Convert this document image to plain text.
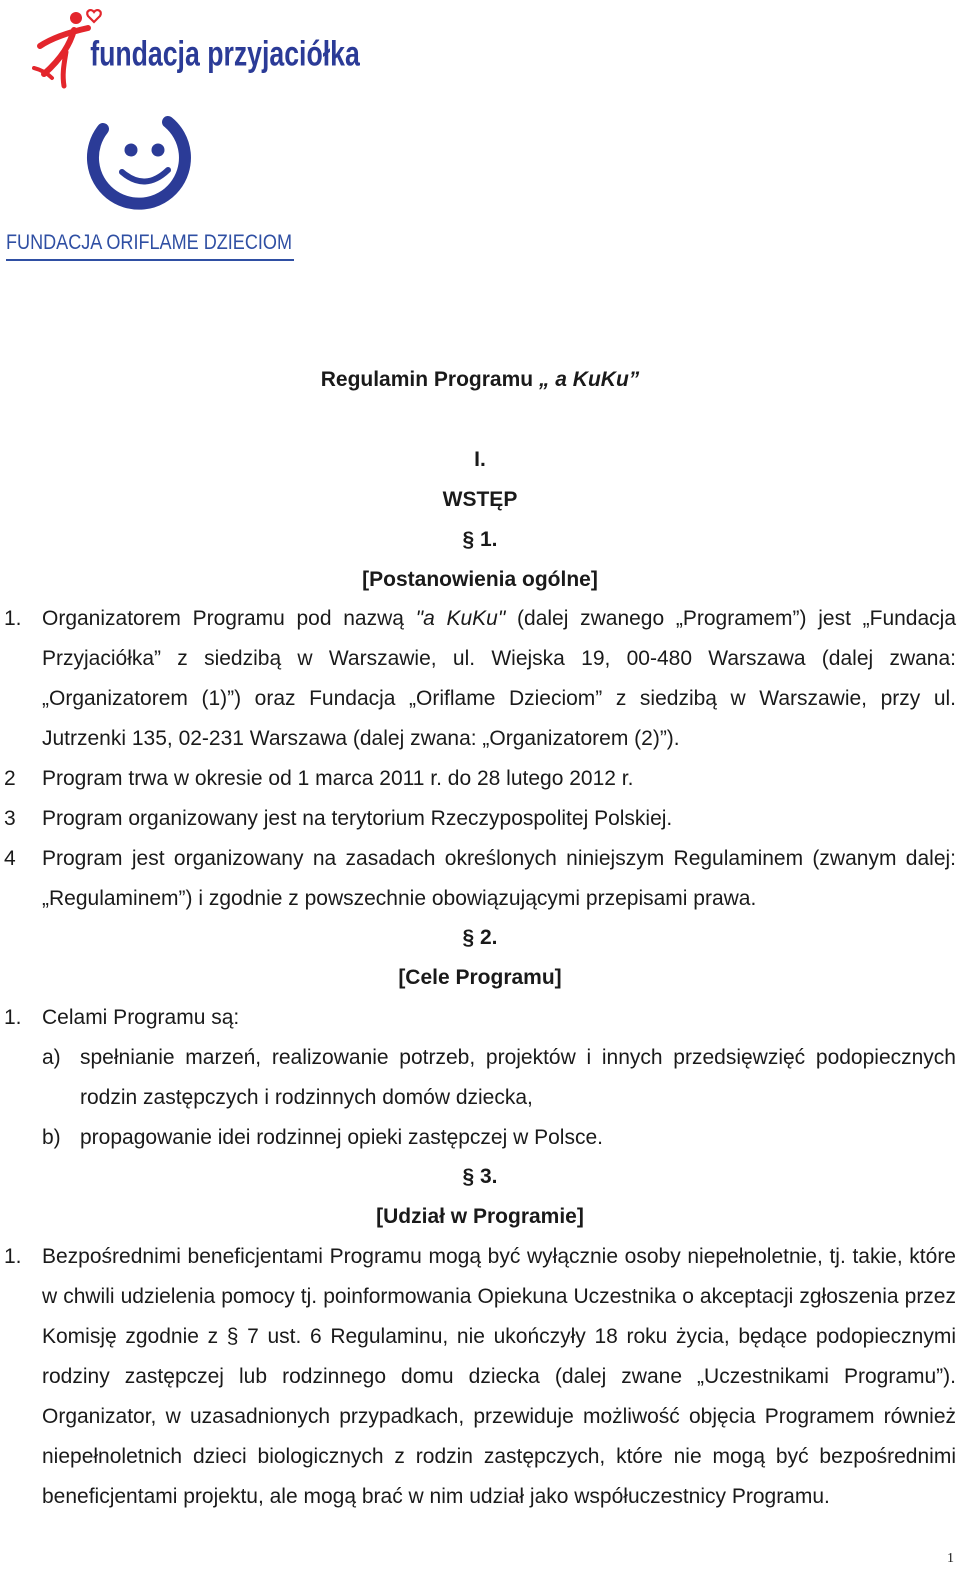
fundacja przyjaciółka
FUNDACJA ORIFLAME DZIECIOM
Regulamin Programu „ a KuKu”
I.
WSTĘP
§ 1.
[Postanowienia ogólne]
1. Organizatorem Programu pod nazwą "a KuKu" (dalej zwanego „Programem”) jest „Fundacja Przyjaciółka” z siedzibą w Warszawie, ul. Wiejska 19, 00-480 Warszawa (dalej zwana: „Organizatorem (1)”) oraz Fundacja „Oriflame Dzieciom” z siedzibą w Warszawie, przy ul. Jutrzenki 135, 02-231 Warszawa (dalej zwana: „Organizatorem (2)”).
2 Program trwa w okresie od 1 marca 2011 r. do 28 lutego 2012 r.
3 Program organizowany jest na terytorium Rzeczypospolitej Polskiej.
4 Program jest organizowany na zasadach określonych niniejszym Regulaminem (zwanym dalej: „Regulaminem”) i zgodnie z powszechnie obowiązującymi przepisami prawa.
§ 2.
[Cele Programu]
1. Celami Programu są:
a) spełnianie marzeń, realizowanie potrzeb, projektów i innych przedsięwzięć podopiecznych rodzin zastępczych i rodzinnych domów dziecka,
b) propagowanie idei rodzinnej opieki zastępczej w Polsce.
§ 3.
[Udział w Programie]
1. Bezpośrednimi beneficjentami Programu mogą być wyłącznie osoby niepełnoletnie, tj. takie, które w chwili udzielenia pomocy tj. poinformowania Opiekuna Uczestnika o akceptacji zgłoszenia przez Komisję zgodnie z § 7 ust. 6 Regulaminu, nie ukończyły 18 roku życia, będące podopiecznymi rodziny zastępczej lub rodzinnego domu dziecka (dalej zwane „Uczestnikami Programu”). Organizator, w uzasadnionych przypadkach, przewiduje możliwość objęcia Programem również niepełnoletnich dzieci biologicznych z rodzin zastępczych, które nie mogą być bezpośrednimi beneficjentami projektu, ale mogą brać w nim udział jako współuczestnicy Programu.
1
